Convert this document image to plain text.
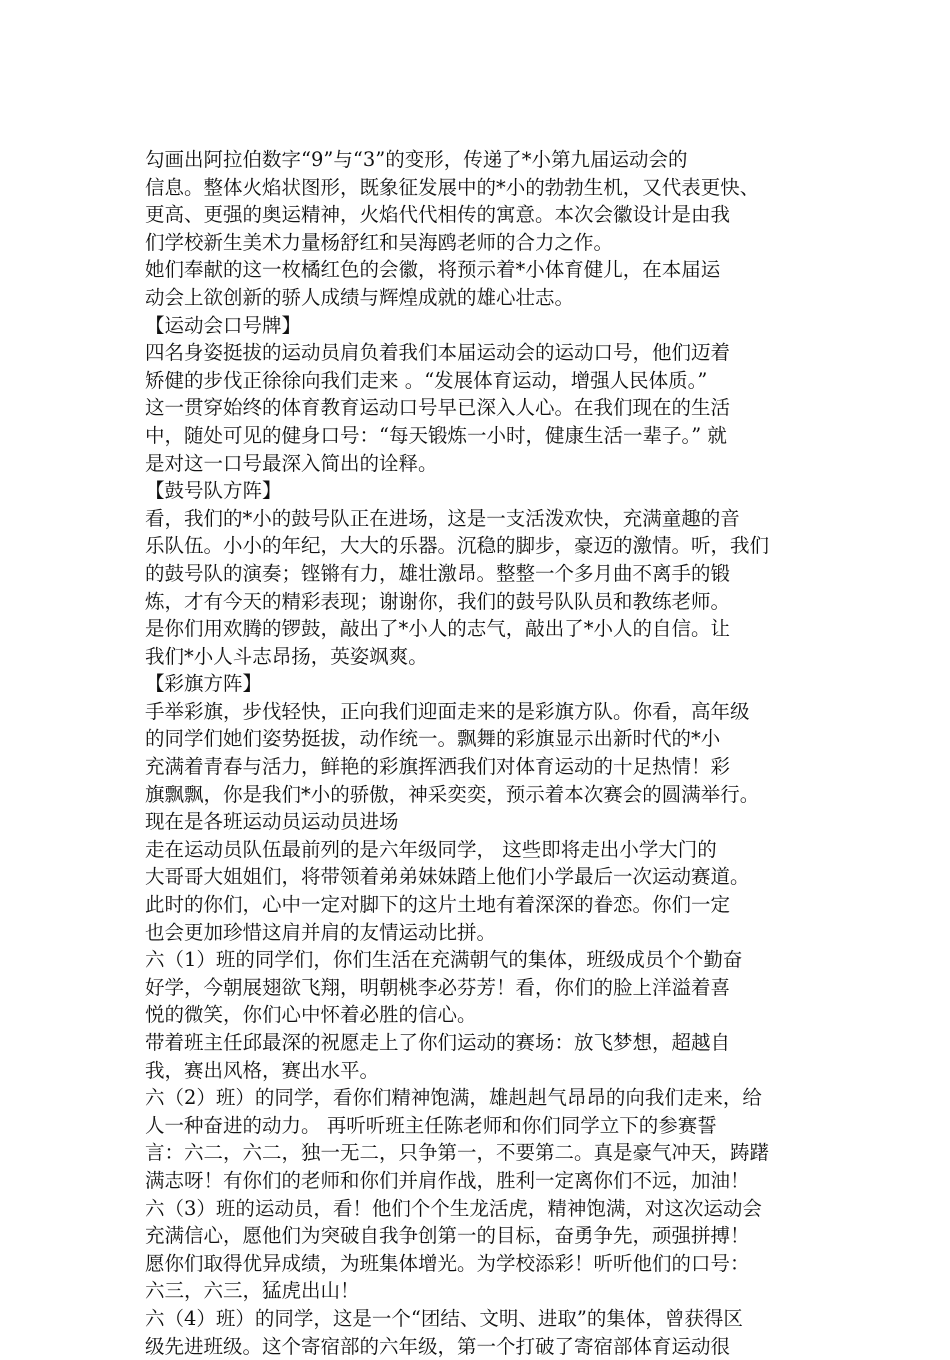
勾画出阿拉伯数字“9”与“3”的变形，传递了*小第九届运动会的
信息。整体火焰状图形，既象征发展中的*小的勃勃生机，又代表更快、
更高、更强的奥运精神，火焰代代相传的寓意。本次会徽设计是由我
们学校新生美术力量杨舒红和吴海鸥老师的合力之作。
她们奉献的这一枚橘红色的会徽，将预示着*小体育健儿，在本届运
动会上欲创新的骄人成绩与辉煌成就的雄心壮志。
【运动会口号牌】
四名身姿挺拔的运动员肩负着我们本届运动会的运动口号，他们迈着
矫健的步伐正徐徐向我们走来 。“发展体育运动，增强人民体质。”
这一贯穿始终的体育教育运动口号早已深入人心。在我们现在的生活
中，随处可见的健身口号：“每天锻炼一小时，健康生活一辈子。” 就
是对这一口号最深入简出的诠释。
【鼓号队方阵】
看，我们的*小的鼓号队正在进场，这是一支活泼欢快，充满童趣的音
乐队伍。小小的年纪，大大的乐器。沉稳的脚步，豪迈的激情。听，我们
的鼓号队的演奏；铿锵有力，雄壮激昂。整整一个多月曲不离手的锻
炼，才有今天的精彩表现；谢谢你，我们的鼓号队队员和教练老师。
是你们用欢腾的锣鼓，敲出了*小人的志气，敲出了*小人的自信。让
我们*小人斗志昂扬，英姿飒爽。
【彩旗方阵】
手举彩旗，步伐轻快，正向我们迎面走来的是彩旗方队。你看，高年级
的同学们她们姿势挺拔，动作统一。飘舞的彩旗显示出新时代的*小
充满着青春与活力，鲜艳的彩旗挥洒我们对体育运动的十足热情！彩
旗飘飘，你是我们*小的骄傲，神采奕奕，预示着本次赛会的圆满举行。
现在是各班运动员运动员进场
走在运动员队伍最前列的是六年级同学， 这些即将走出小学大门的
大哥哥大姐姐们，将带领着弟弟妹妹踏上他们小学最后一次运动赛道。
此时的你们，心中一定对脚下的这片土地有着深深的眷恋。你们一定
也会更加珍惜这肩并肩的友情运动比拼。
六（1）班的同学们，你们生活在充满朝气的集体，班级成员个个勤奋
好学，今朝展翅欲飞翔，明朝桃李必芬芳！看，你们的脸上洋溢着喜
悦的微笑，你们心中怀着必胜的信心。
带着班主任邱最深的祝愿走上了你们运动的赛场：放飞梦想，超越自
我，赛出风格，赛出水平。
六（2）班）的同学，看你们精神饱满，雄赳赳气昂昂的向我们走来，给
人一种奋进的动力。 再听听班主任陈老师和你们同学立下的参赛誓
言：六二，六二，独一无二，只争第一，不要第二。真是豪气冲天，踌躇
满志呀！有你们的老师和你们并肩作战，胜利一定离你们不远，加油！
六（3）班的运动员，看！他们个个生龙活虎，精神饱满，对这次运动会
充满信心，愿他们为突破自我争创第一的目标，奋勇争先，顽强拼搏！
愿你们取得优异成绩，为班集体增光。为学校添彩！听听他们的口号：
六三，六三，猛虎出山！
六（4）班）的同学，这是一个“团结、文明、进取”的集体，曾获得区
级先进班级。这个寄宿部的六年级，第一个打破了寄宿部体育运动很
